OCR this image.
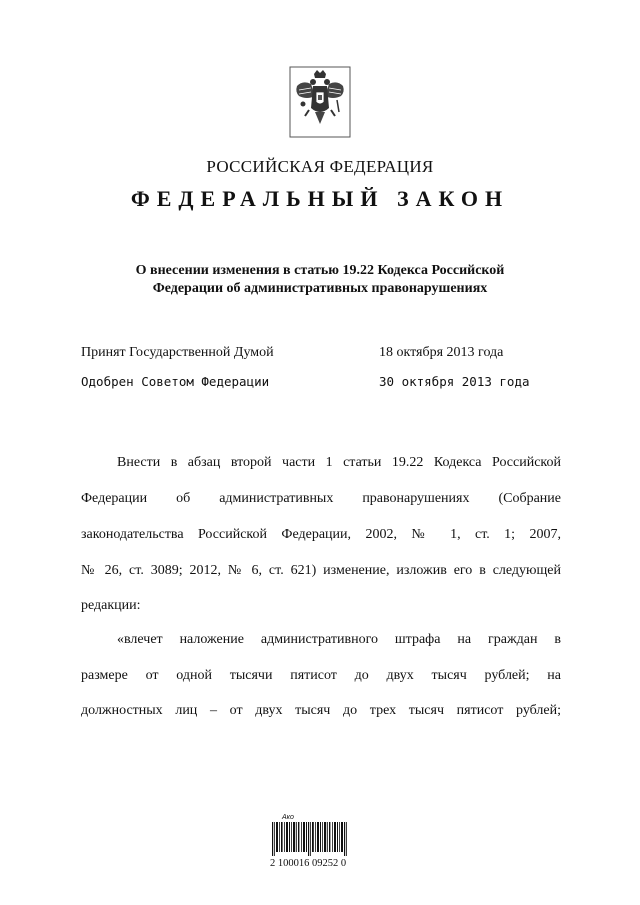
РОССИЙСКАЯ ФЕДЕРАЦИЯ
ФЕДЕРАЛЬНЫЙ ЗАКОН
О внесении изменения в статью 19.22 Кодекса Российской
Федерации об административных правонарушениях
Принят Государственной Думой	18 октября 2013 года
Одобрен Советом Федерации	30 октября 2013 года
Внести в абзац второй части 1 статьи 19.22 Кодекса Российской
Федерации об административных правонарушениях (Собрание
законодательства Российской Федерации, 2002, № 1, ст. 1; 2007,
№ 26, ст. 3089; 2012, № 6, ст. 621) изменение, изложив его в следующей
редакции:
«влечет наложение административного штрафа на граждан в
размере от одной тысячи пятисот до двух тысяч рублей; на
должностных лиц – от двух тысяч до трех тысяч пятисот рублей;
Ако
2 100016 09252 0
